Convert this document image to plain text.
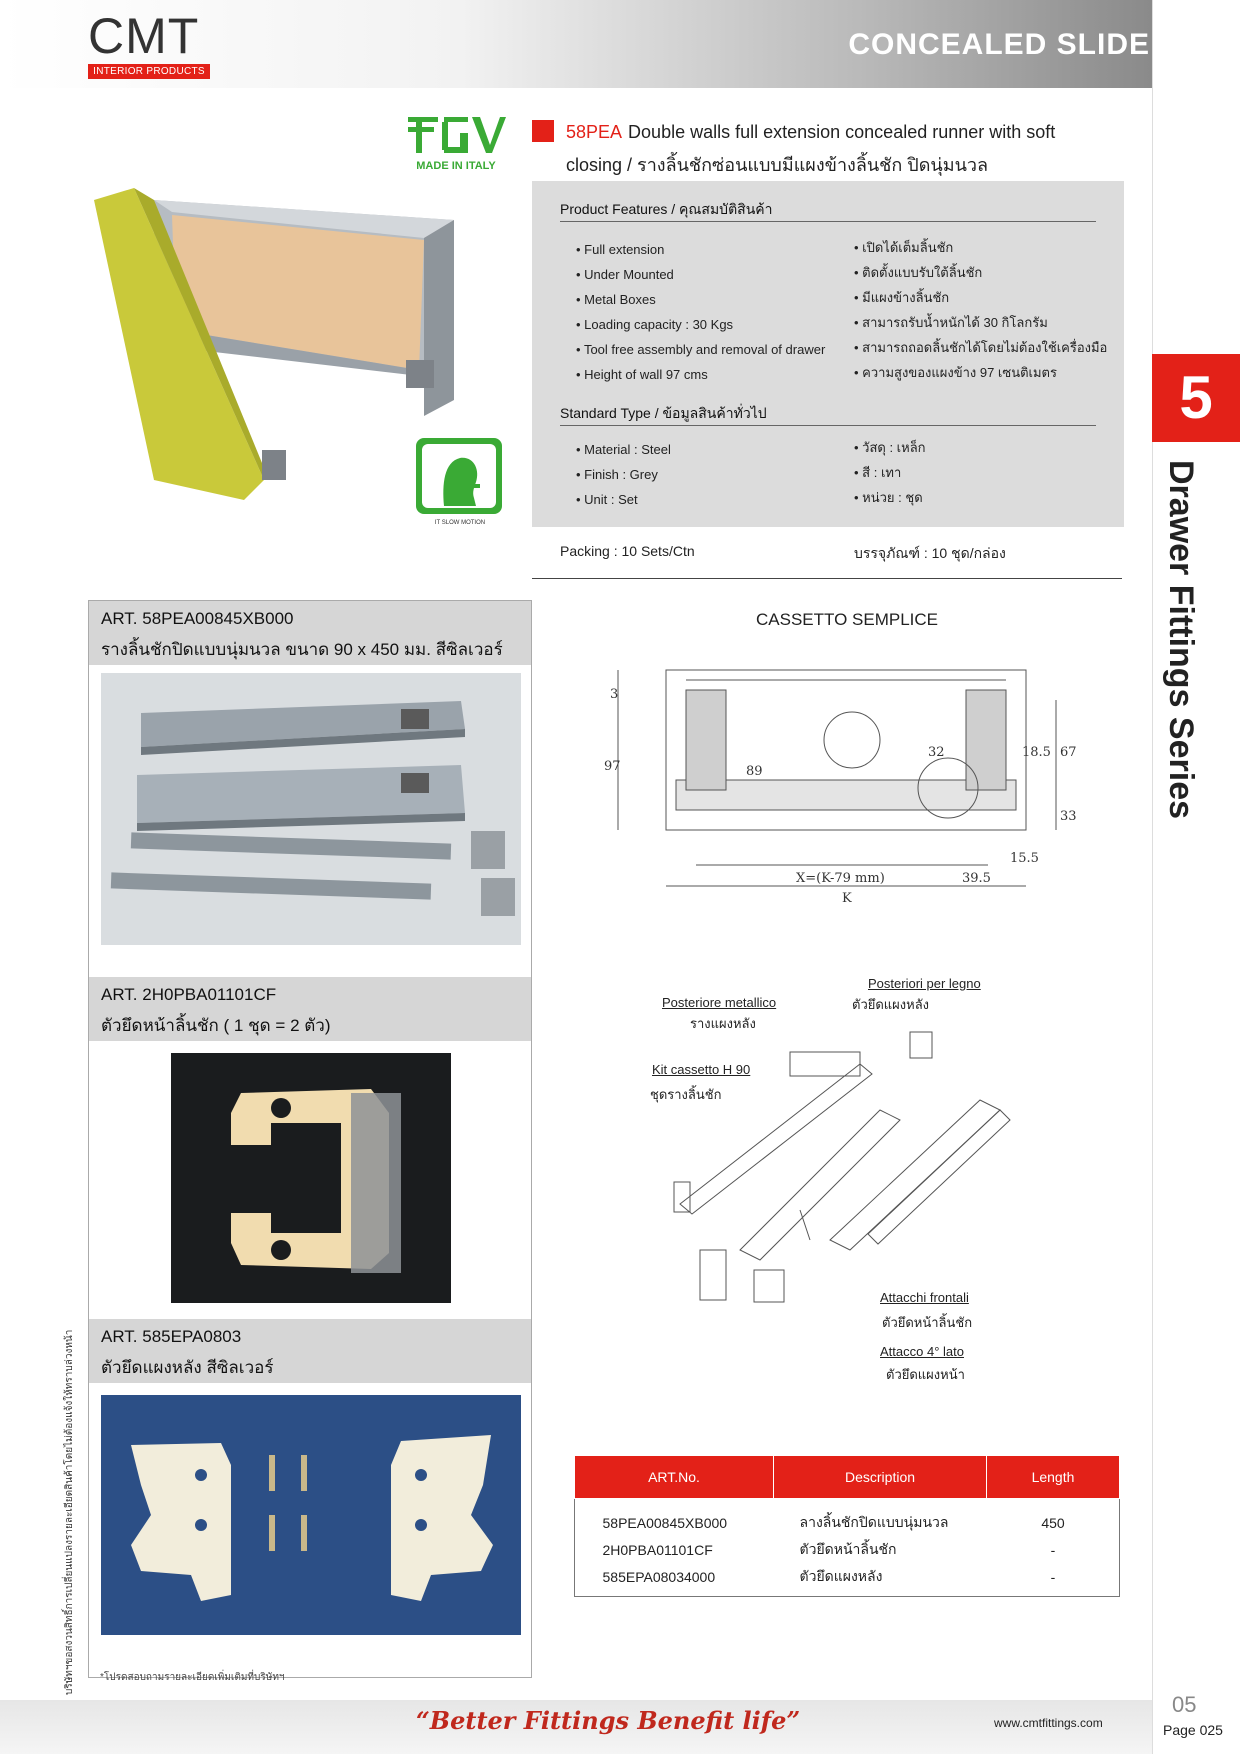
CMT
INTERIOR PRODUCTS
CONCEALED SLIDE
5
Drawer Fittings Series
05
Page 025
MADE IN ITALY
IT SLOW MOTION
58PEA Double walls full extension concealed runner with soft
closing / รางลิ้นชักซ่อนแบบมีแผงข้างลิ้นชัก ปิดนุ่มนวล
Product Features / คุณสมบัติสินค้า
• Full extension
• Under Mounted
• Metal Boxes
• Loading capacity : 30 Kgs
• Tool free assembly and removal of drawer
• Height of wall 97 cms
• เปิดได้เต็มลิ้นชัก
• ติดตั้งแบบรับใต้ลิ้นชัก
• มีแผงข้างลิ้นชัก
• สามารถรับน้ำหนักได้ 30 กิโลกรัม
• สามารถถอดลิ้นชักได้โดยไม่ต้องใช้เครื่องมือ
• ความสูงของแผงข้าง 97 เซนติเมตร
Standard Type / ข้อมูลสินค้าทั่วไป
• Material : Steel
• Finish : Grey
• Unit : Set
• วัสดุ : เหล็ก
• สี : เทา
• หน่วย : ชุด
Packing : 10 Sets/Ctn	บรรจุภัณฑ์ : 10 ชุด/กล่อง
ART. 58PEA00845XB000
รางลิ้นชักปิดแบบนุ่มนวล ขนาด 90 x 450 มม. สีซิลเวอร์
ART. 2H0PBA01101CF
ตัวยึดหน้าลิ้นชัก ( 1 ชุด = 2 ตัว)
ART. 585EPA0803
ตัวยึดแผงหลัง สีซิลเวอร์
CASSETTO SEMPLICE
3
97	89
32	18.5 67
33
15.5
39.5
X=(K-79 mm)
K
Posteriore metallico
รางแผงหลัง
Posteriori per legno
ตัวยึดแผงหลัง
Kit cassetto H 90
ชุดรางลิ้นชัก
Attacchi frontali
ตัวยึดหน้าลิ้นชัก
Attacco 4° lato
ตัวยึดแผงหน้า
ART.No.	Description	Length

58PEA00845XB000	ลางลิ้นชักปิดแบบนุ่มนวล	450
2H0PBA01101CF	ตัวยึดหน้าลิ้นชัก	-
585EPA08034000	ตัวยึดแผงหลัง	-
*โปรดสอบถามรายละเอียดเพิ่มเติมที่บริษัทฯ
บริษัทฯขอสงวนสิทธิ์การเปลี่ยนแปลงรายละเอียดสินค้าโดยไม่ต้องแจ้งให้ทราบล่วงหน้า
“Better Fittings Benefit life”	www.cmtfittings.com
